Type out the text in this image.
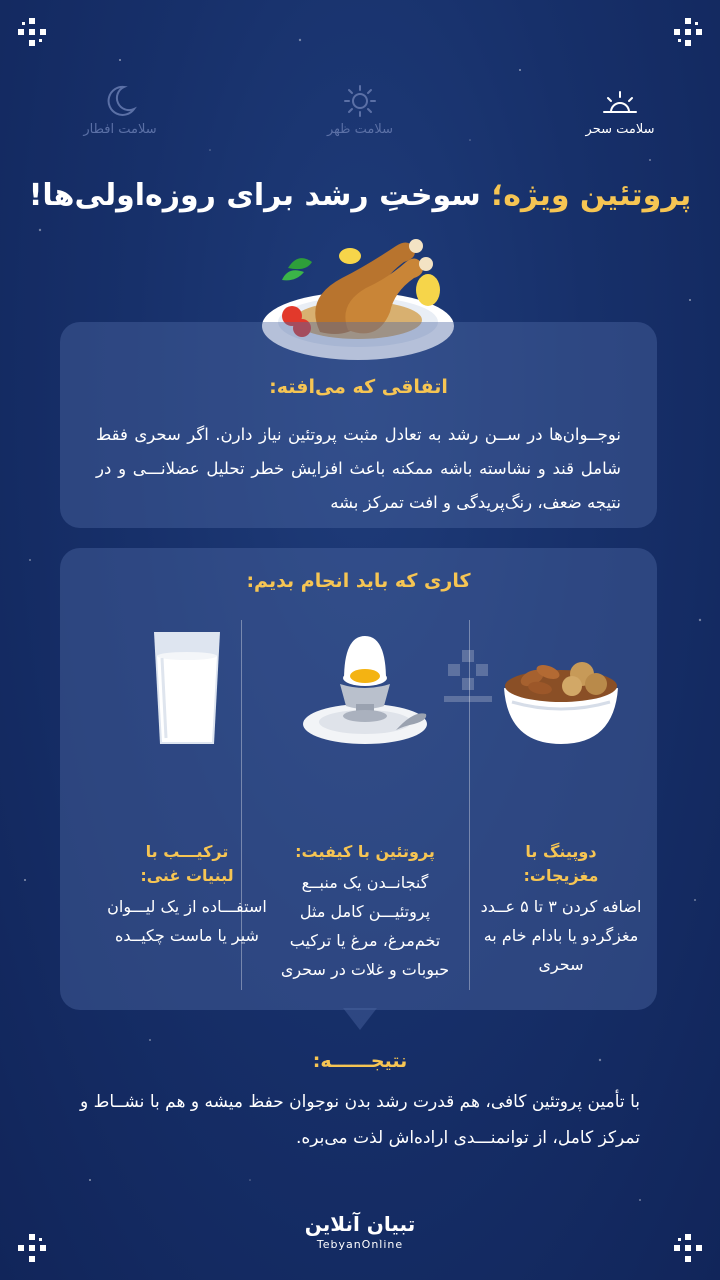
سلامت سحر
سلامت ظهر
سلامت افطار
پروتئین ویژه؛ سوختِ رشد برای روزه‌اولی‌ها!
اتفاقی که می‌افته:
نوجــوان‌ها در ســن رشد به تعادل مثبت پروتئین نیاز دارن. اگر سحری فقط شامل قند و نشاسته باشه ممکنه باعث افزایش خطر تحلیل عضلانـــی و در نتیجه ضعف، رنگ‌پریدگی و افت تمرکز بشه
کاری که باید انجام بدیم:
دوپینگ با مغزیجات:
اضافه کردن ۳ تا ۵ عــدد مغزگردو یا بادام خام به سحری
پروتئین با کیفیت:
گنجانــدن یک منبــع پروتئیـــن کامل مثل تخم‌مرغ، مرغ یا ترکیب حبوبات و غلات در سحری
ترکیـــب با لبنیات غنی:
استفـــاده از یک لیـــوان شیر یا ماست چکیــده
نتیجــــــه:
با تأمین پروتئین کافی، هم قدرت رشد بدن نوجوان حفظ میشه و هم با نشــاط و تمرکز کامل، از توانمنـــدی اراده‌اش لذت می‌بره.
تبیان آنلاین
TebyanOnline
